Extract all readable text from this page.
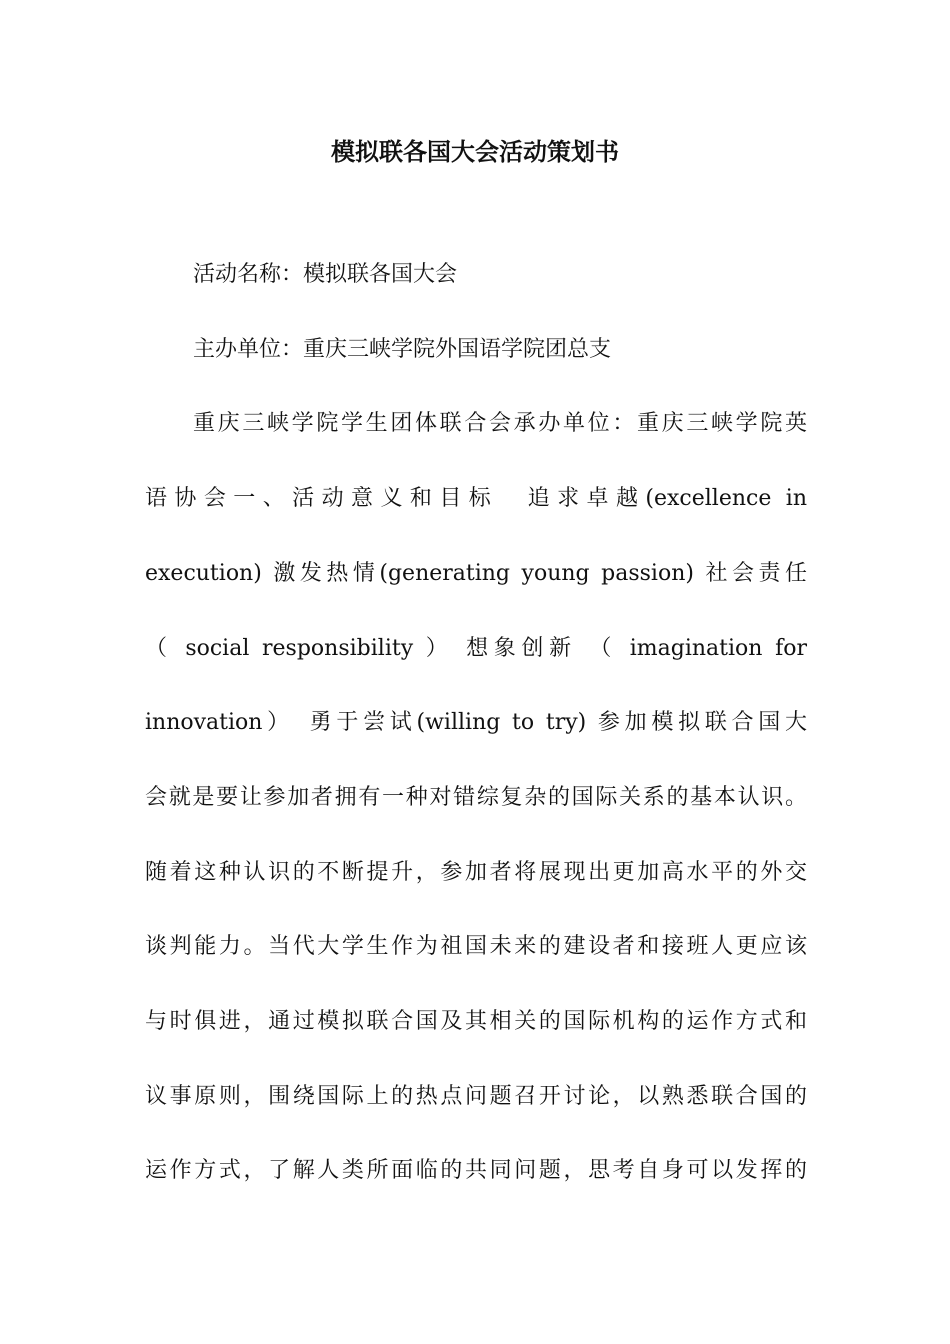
模拟联各国大会活动策划书
活动名称：模拟联各国大会
主办单位：重庆三峡学院外国语学院团总支
重庆三峡学院学生团体联合会承办单位：重庆三峡学院英
语协会一、活动意义和目标　追求卓越(excellence in
execution) 激发热情(generating young passion) 社会责任
（ social responsibility ） 想象创新 （ imagination for
innovation）　勇于尝试(willing to try) 参加模拟联合国大
会就是要让参加者拥有一种对错综复杂的国际关系的基本认识。
随着这种认识的不断提升，参加者将展现出更加高水平的外交
谈判能力。当代大学生作为祖国未来的建设者和接班人更应该
与时俱进，通过模拟联合国及其相关的国际机构的运作方式和
议事原则，围绕国际上的热点问题召开讨论，以熟悉联合国的
运作方式，了解人类所面临的共同问题，思考自身可以发挥的
